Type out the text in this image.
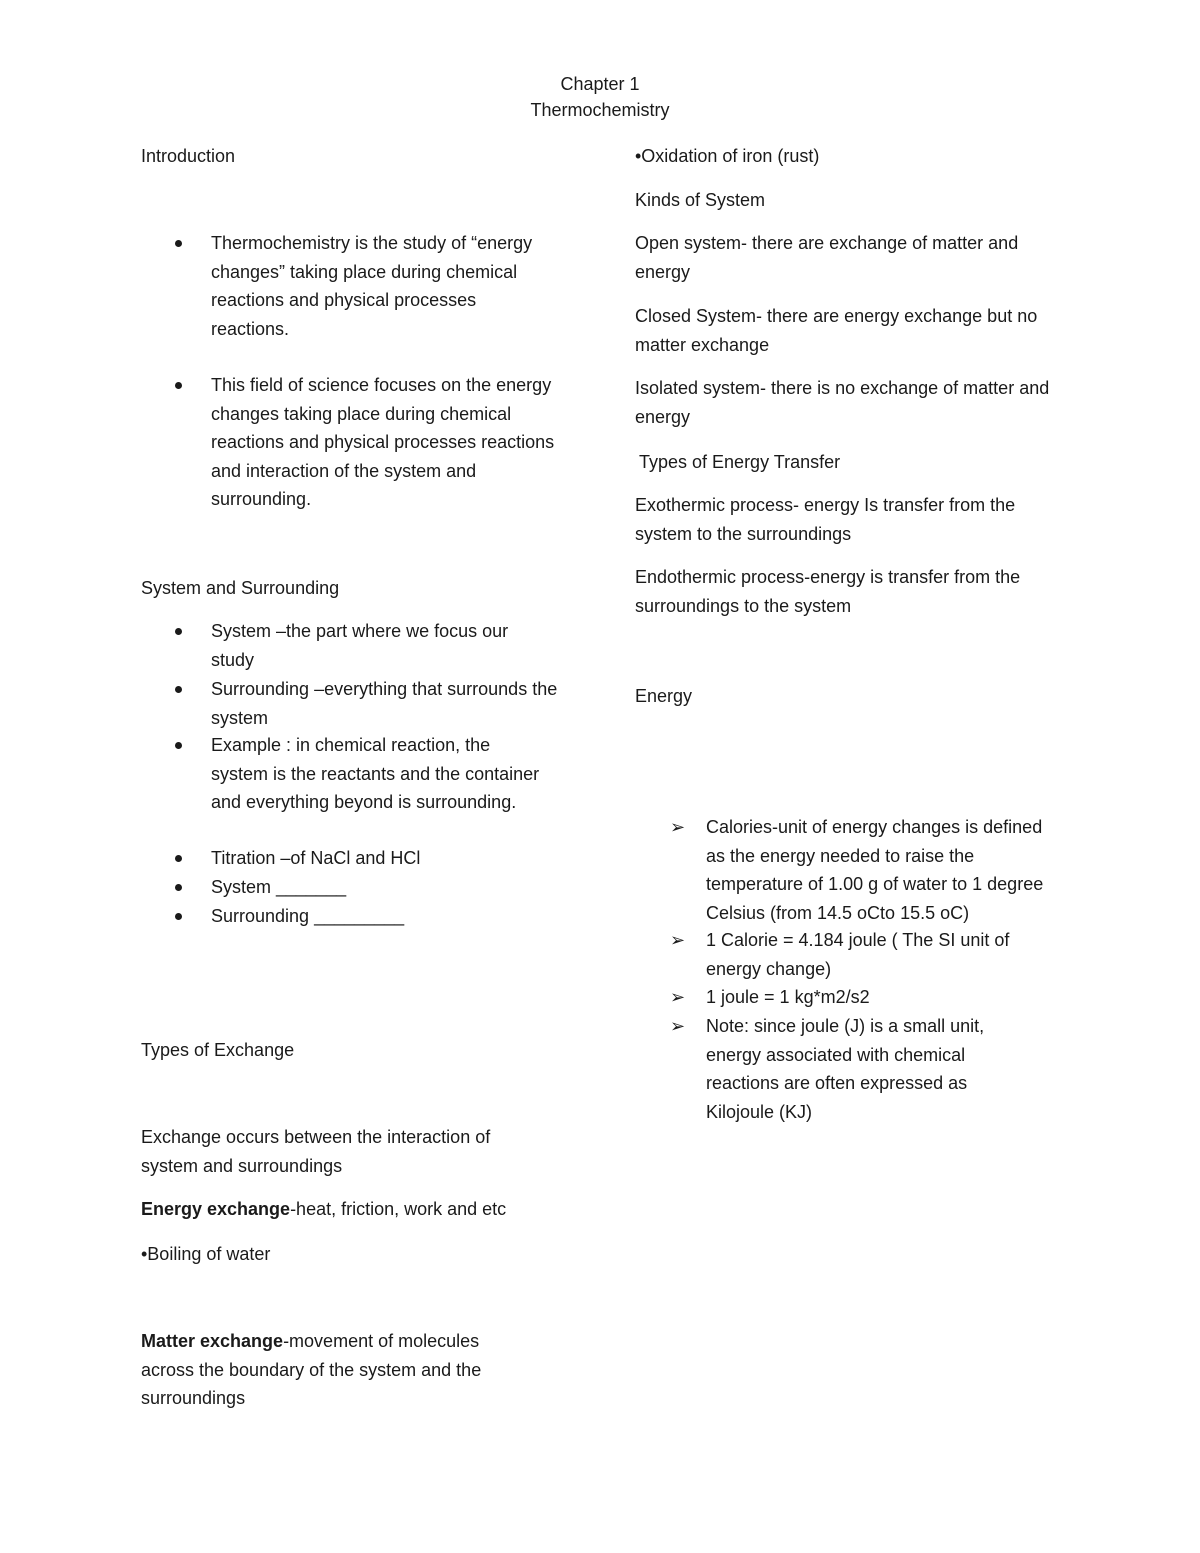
Chapter 1
Thermochemistry
Introduction
Thermochemistry is the study of “energy changes” taking place during chemical reactions and physical processes reactions.
This field of science focuses on the energy changes taking place during chemical reactions and physical processes reactions and interaction of the system and surrounding.
System and Surrounding
System –the part where we focus our study
Surrounding –everything that surrounds the system
Example : in chemical reaction, the system is the reactants and the container and everything beyond is surrounding.
Titration –of NaCl and HCl
System _______
Surrounding _________
Types of Exchange
Exchange occurs between the interaction of system and surroundings
Energy exchange-heat, friction, work and etc
•Boiling of water
Matter exchange-movement of molecules across the boundary of the system and the surroundings
•Oxidation of iron (rust)
Kinds of System
Open system- there are exchange of matter and energy
Closed System- there are energy exchange but no matter exchange
Isolated system- there is no exchange of matter and energy
Types of Energy Transfer
Exothermic process- energy Is transfer from the system to the surroundings
Endothermic process-energy is transfer from the surroundings to the system
Energy
➢ Calories-unit of energy changes is defined as the energy needed to raise the temperature of 1.00 g of water to 1 degree Celsius (from 14.5 oCto 15.5 oC)
➢ 1 Calorie = 4.184 joule ( The SI unit of energy change)
➢ 1 joule = 1 kg*m2/s2
➢ Note: since joule (J) is a small unit, energy associated with chemical reactions are often expressed as Kilojoule (KJ)
